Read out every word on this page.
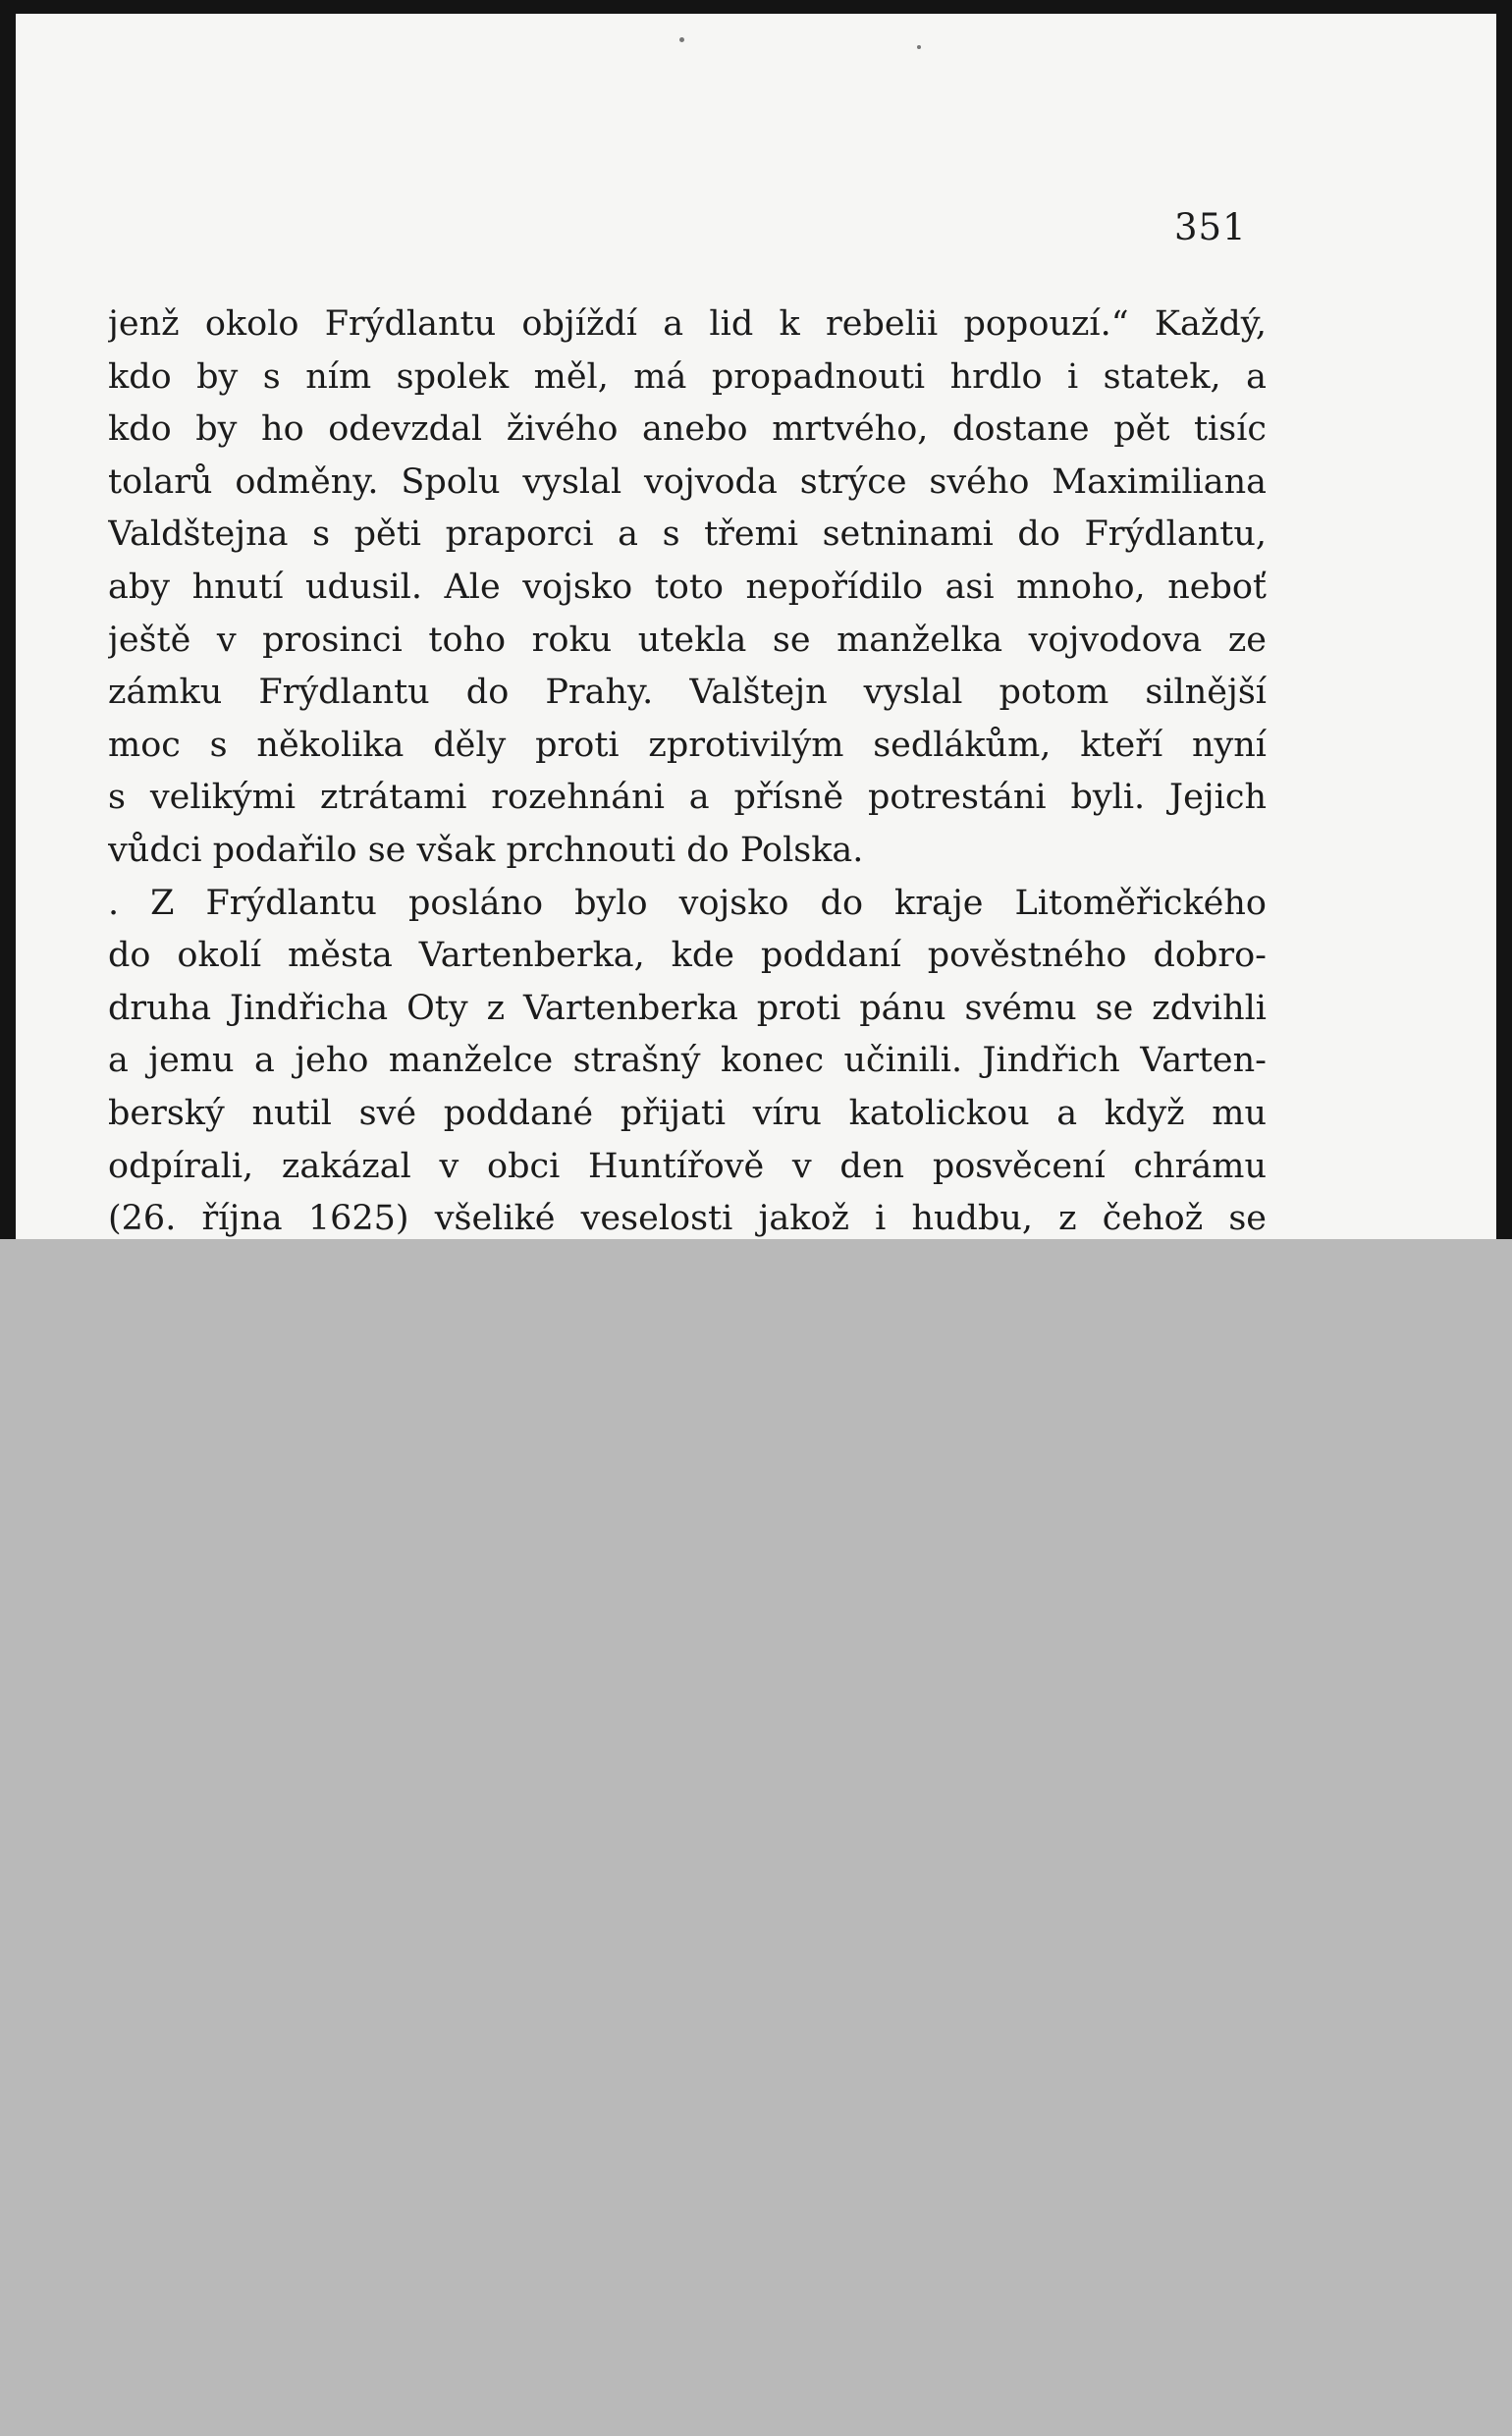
351
jenž okolo Frýdlantu objíždí a lid k rebelii popouzí.“ Každý,
kdo by s ním spolek měl, má propadnouti hrdlo i statek, a
kdo by ho odevzdal živého anebo mrtvého, dostane pět tisíc
tolarů odměny. Spolu vyslal vojvoda strýce svého Maximiliana
Valdštejna s pěti praporci a s třemi setninami do Frýdlantu,
aby hnutí udusil. Ale vojsko toto nepořídilo asi mnoho, neboť
ještě v prosinci toho roku utekla se manželka vojvodova ze
zámku Frýdlantu do Prahy. Valštejn vyslal potom silnější
moc s několika děly proti zprotivilým sedlákům, kteří nyní
s velikými ztrátami rozehnáni a přísně potrestáni byli. Jejich
vůdci podařilo se však prchnouti do Polska.
. Z Frýdlantu posláno bylo vojsko do kraje Litoměřického
do okolí města Vartenberka, kde poddaní pověstného dobro-
druha Jindřicha Oty z Vartenberka proti pánu svému se zdvihli
a jemu a jeho manželce strašný konec učinili. Jindřich Varten-
berský nutil své poddané přijati víru katolickou a když mu
odpírali, zakázal v obci Huntířově v den posvěcení chrámu
(26. října 1625) všeliké veselosti jakož i hudbu, z čehož se
